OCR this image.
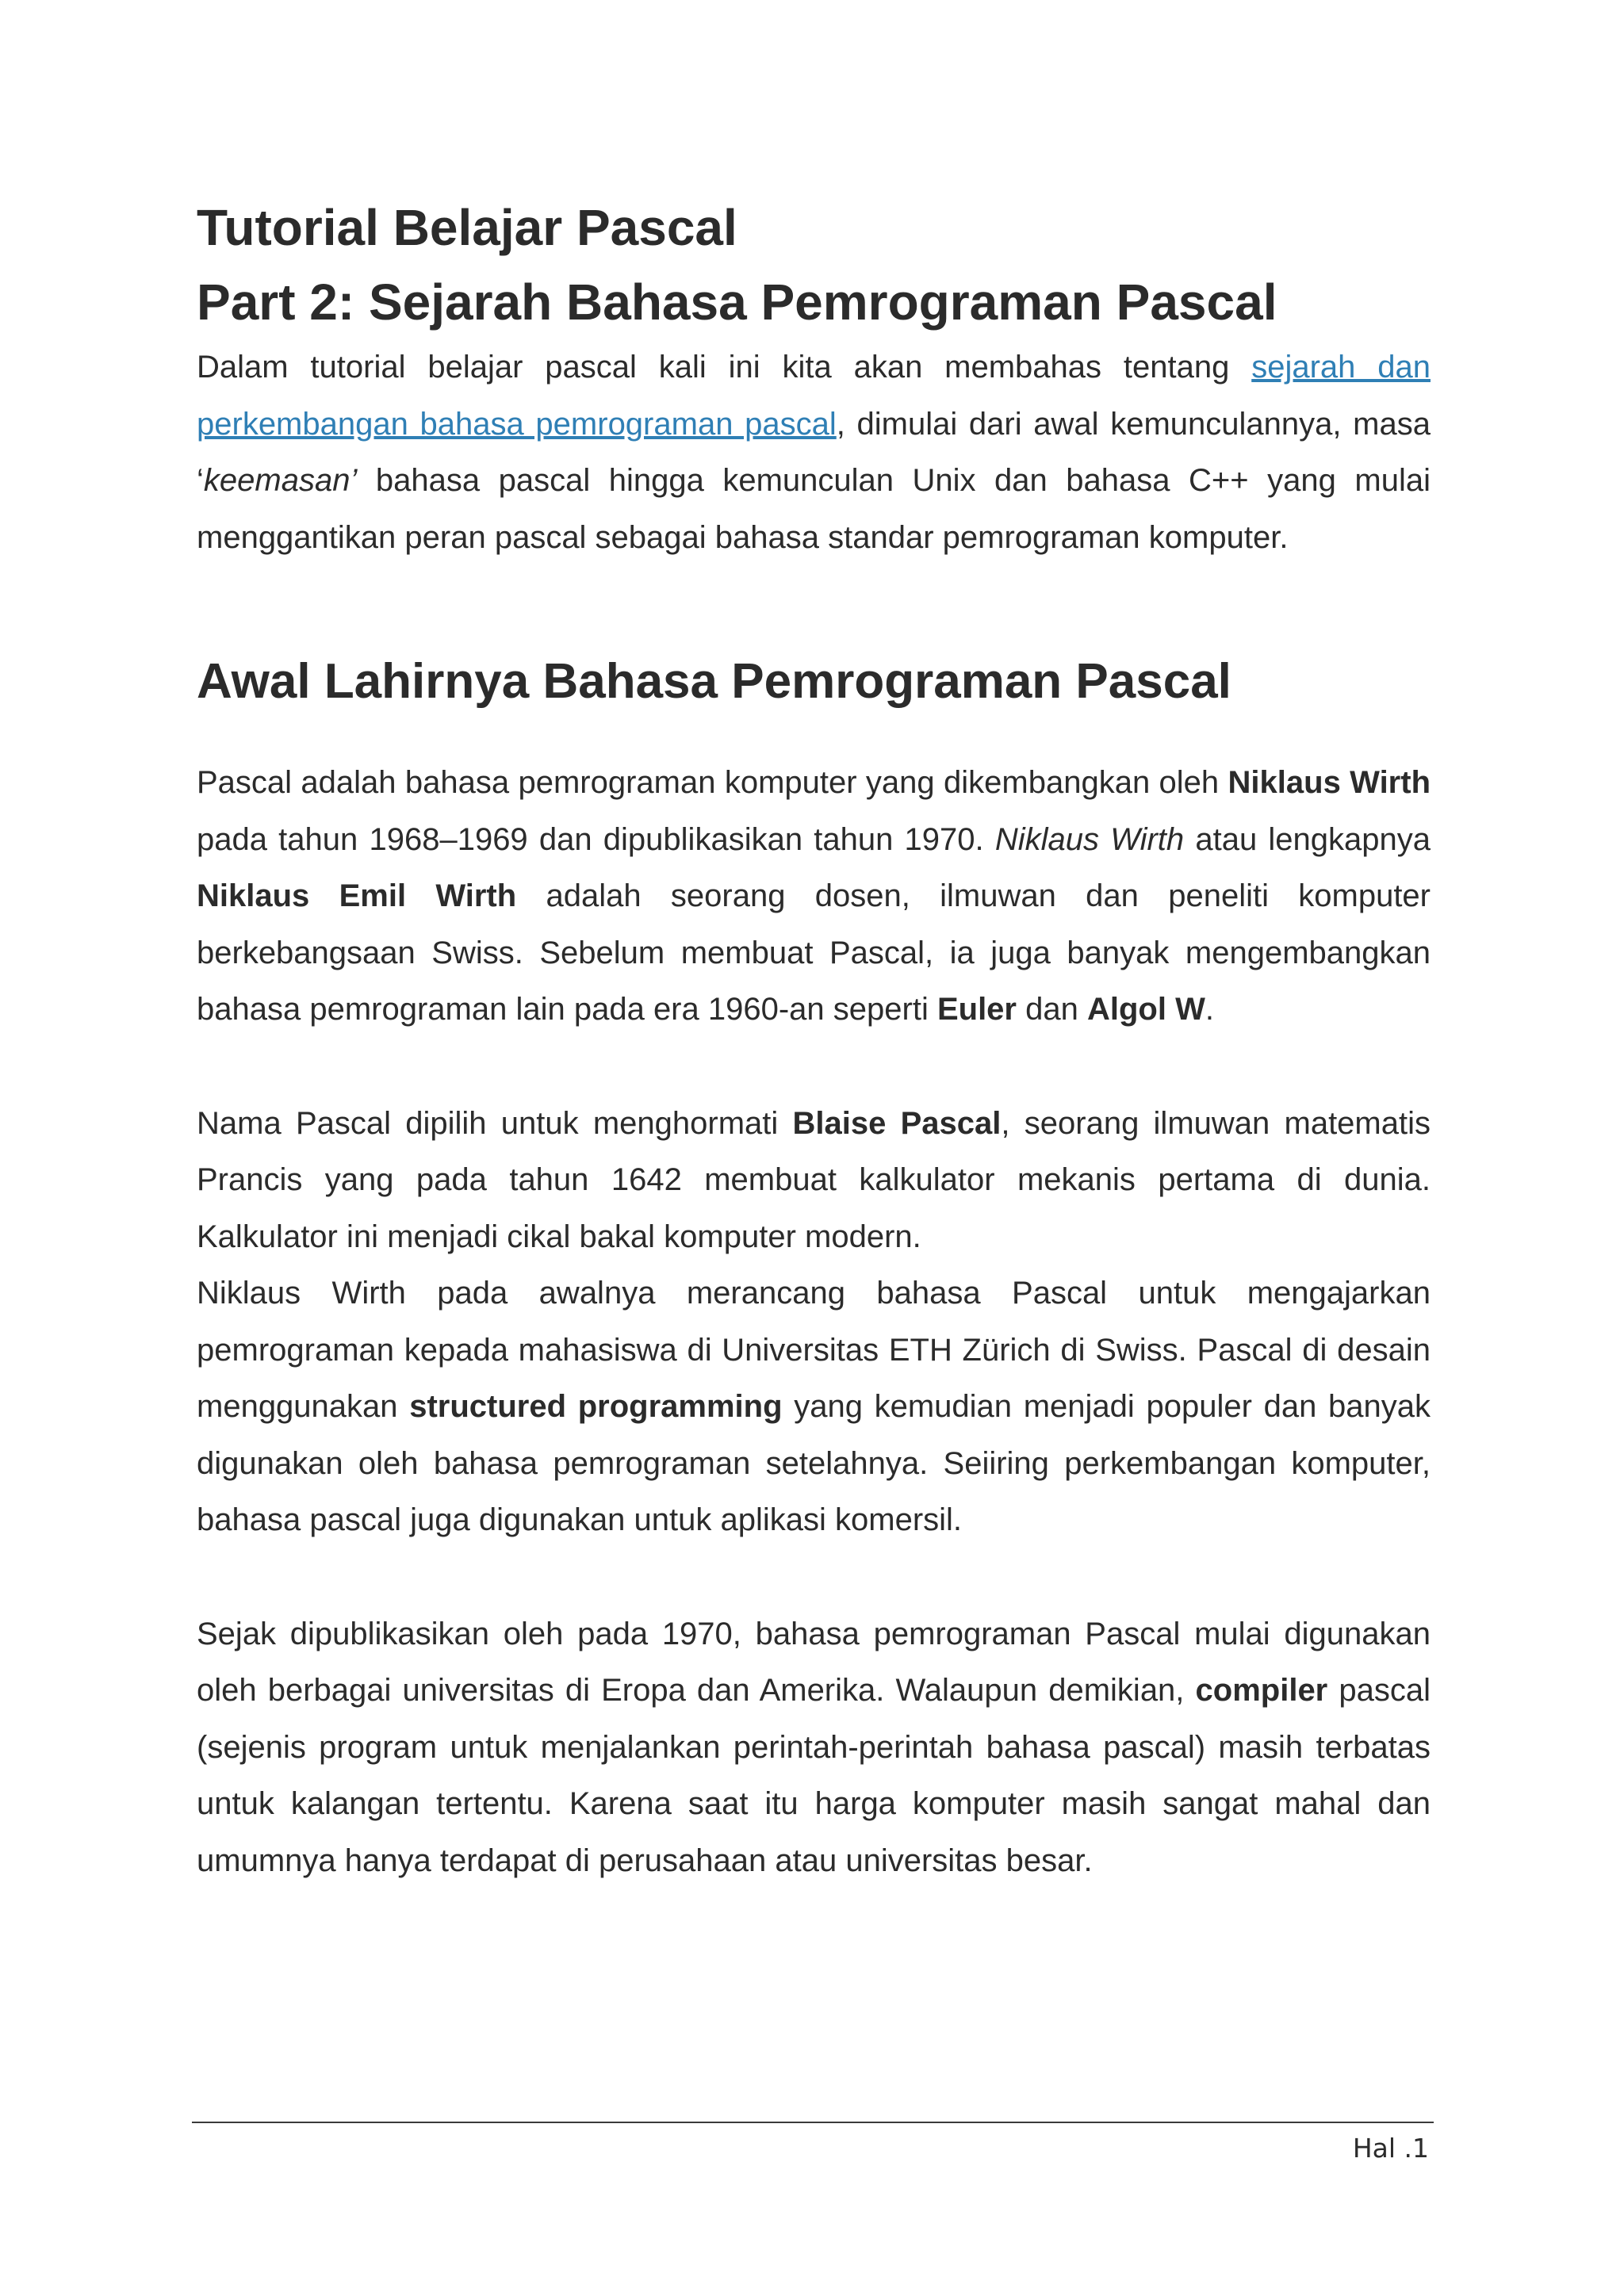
Tutorial Belajar Pascal
Part 2: Sejarah Bahasa Pemrograman Pascal

Dalam tutorial belajar pascal kali ini kita akan membahas tentang sejarah dan perkembangan bahasa pemrograman pascal, dimulai dari awal kemunculannya, masa ‘keemasan’ bahasa pascal hingga kemunculan Unix dan bahasa C++ yang mulai menggantikan peran pascal sebagai bahasa standar pemrograman komputer.

Awal Lahirnya Bahasa Pemrograman Pascal

Pascal adalah bahasa pemrograman komputer yang dikembangkan oleh Niklaus Wirth pada tahun 1968–1969 dan dipublikasikan tahun 1970. Niklaus Wirth atau lengkapnya Niklaus Emil Wirth adalah seorang dosen, ilmuwan dan peneliti komputer berkebangsaan Swiss. Sebelum membuat Pascal, ia juga banyak mengembangkan bahasa pemrograman lain pada era 1960-an seperti Euler dan Algol W.

Nama Pascal dipilih untuk menghormati Blaise Pascal, seorang ilmuwan matematis Prancis yang pada tahun 1642 membuat kalkulator mekanis pertama di dunia. Kalkulator ini menjadi cikal bakal komputer modern.

Niklaus Wirth pada awalnya merancang bahasa Pascal untuk mengajarkan pemrograman kepada mahasiswa di Universitas ETH Zürich di Swiss. Pascal di desain menggunakan structured programming yang kemudian menjadi populer dan banyak digunakan oleh bahasa pemrograman setelahnya. Seiiring perkembangan komputer, bahasa pascal juga digunakan untuk aplikasi komersil.

Sejak dipublikasikan oleh pada 1970, bahasa pemrograman Pascal mulai digunakan oleh berbagai universitas di Eropa dan Amerika. Walaupun demikian, compiler pascal (sejenis program untuk menjalankan perintah-perintah bahasa pascal) masih terbatas untuk kalangan tertentu. Karena saat itu harga komputer masih sangat mahal dan umumnya hanya terdapat di perusahaan atau universitas besar.

Hal .1
